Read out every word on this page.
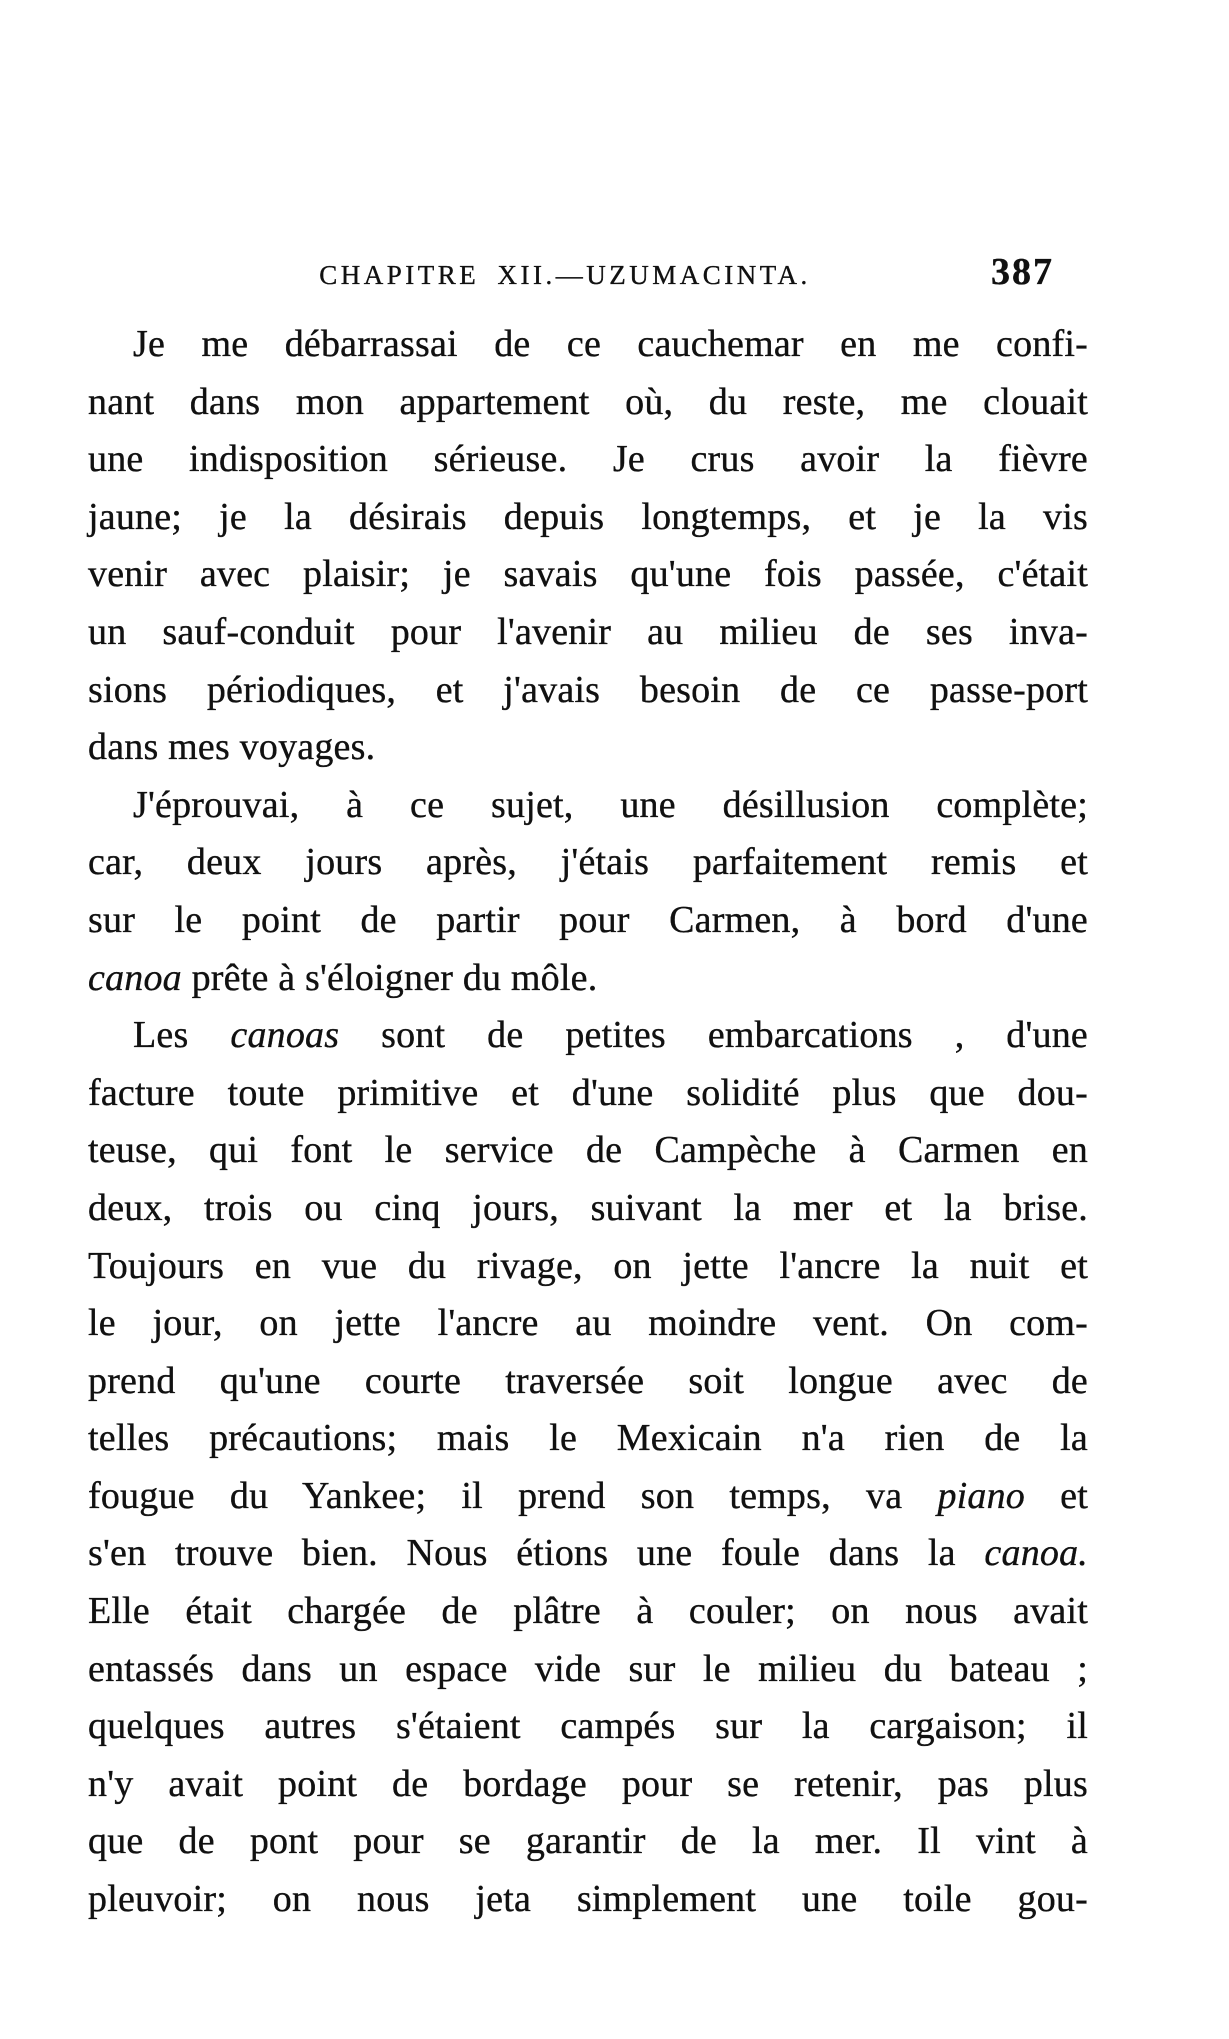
CHAPITRE XII.—UZUMACINTA.	387
Je me débarrassai de ce cauchemar en me confi-
nant dans mon appartement où, du reste, me clouait
une indisposition sérieuse. Je crus avoir la fièvre
jaune; je la désirais depuis longtemps, et je la vis
venir avec plaisir; je savais qu'une fois passée, c'était
un sauf-conduit pour l'avenir au milieu de ses inva-
sions périodiques, et j'avais besoin de ce passe-port
dans mes voyages.
J'éprouvai, à ce sujet, une désillusion complète;
car, deux jours après, j'étais parfaitement remis et
sur le point de partir pour Carmen, à bord d'une
canoa prête à s'éloigner du môle.
Les canoas sont de petites embarcations , d'une
facture toute primitive et d'une solidité plus que dou-
teuse, qui font le service de Campèche à Carmen en
deux, trois ou cinq jours, suivant la mer et la brise.
Toujours en vue du rivage, on jette l'ancre la nuit et
le jour, on jette l'ancre au moindre vent. On com-
prend qu'une courte traversée soit longue avec de
telles précautions; mais le Mexicain n'a rien de la
fougue du Yankee; il prend son temps, va piano et
s'en trouve bien. Nous étions une foule dans la canoa.
Elle était chargée de plâtre à couler; on nous avait
entassés dans un espace vide sur le milieu du bateau ;
quelques autres s'étaient campés sur la cargaison; il
n'y avait point de bordage pour se retenir, pas plus
que de pont pour se garantir de la mer. Il vint à
pleuvoir; on nous jeta simplement une toile gou-
